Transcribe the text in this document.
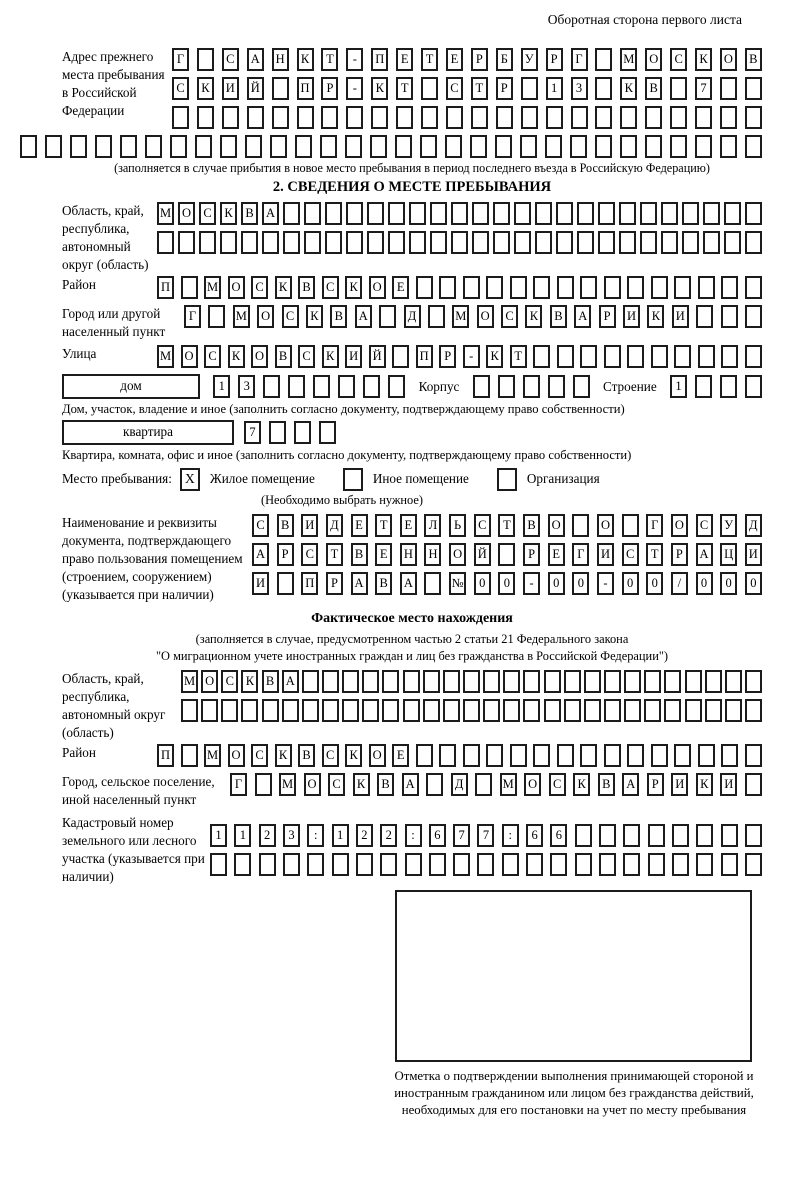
Оборотная сторона первого листа
Адрес прежнего места пребывания в Российской Федерации
Г	С	А	Н	К	Т	-	П	Е	Т	Е	Р	Б	У	Р	Г	М	О	С	К	О	В
С	К	И	Й	П	Р	-	К	Т	С	Т	Р	1	3	К	В	7
(заполняется в случае прибытия в новое место пребывания в период последнего въезда в Российскую Федерацию)
2. СВЕДЕНИЯ О МЕСТЕ ПРЕБЫВАНИЯ
Область, край, республика, автономный округ (область)
М О С	К	В А
Район	П	М	О	С	К	В	С	К	О	Е
Город или другой населенный пункт
Г	М	О	С	К	В	А	Д	М	О	С	К	В	А	Р	И	К	И
Улица	М	О	С	К	О	В	С	К	И	Й	П	Р	-	К	Т
дом	1	3	Корпус	Строение	1
Дом, участок, владение и иное (заполнить согласно документу, подтверждающему право собственности)
квартира	7
Квартира, комната, офис и иное (заполнить согласно документу, подтверждающему право собственности)
Место пребывания: X	Жилое помещение	Иное помещение	Организация
(Необходимо выбрать нужное)
Наименование и реквизиты документа, подтверждающего право пользования помещением (строением, сооружением) (указывается при наличии)
С	В	И	Д	Е	Т	Е	Л	Ь	С	Т	В	О	О	Г	О	С	У	Д
А	Р	С	Т	В	Е	Н	Н	О	Й	Р	Е	Г	И	С	Т	Р	А	Ц	И
И	П	Р	А	В	А	№	0	0	-	0	0	-	0	0	/	0	0	0
Фактическое место нахождения
(заполняется в случае, предусмотренном частью 2 статьи 21 Федерального закона
"О миграционном учете иностранных граждан и лиц без гражданства в Российской Федерации")
Область, край, республика, автономный округ (область)
М О С К В А
Район	П	М	О	С	К	В	С	К	О	Е
Город, сельское поселение, иной населенный пункт
Г	М	О	С	К	В	А	Д	М	О	С	К	В	А	Р	И	К	И
Кадастровый номер земельного или лесного участка (указывается при наличии)
1	1	2	3	:	1	2	2	:	6	7	7	:	6	6
Отметка о подтверждении выполнения принимающей стороной и иностранным гражданином или лицом без гражданства действий, необходимых для его постановки на учет по месту пребывания
